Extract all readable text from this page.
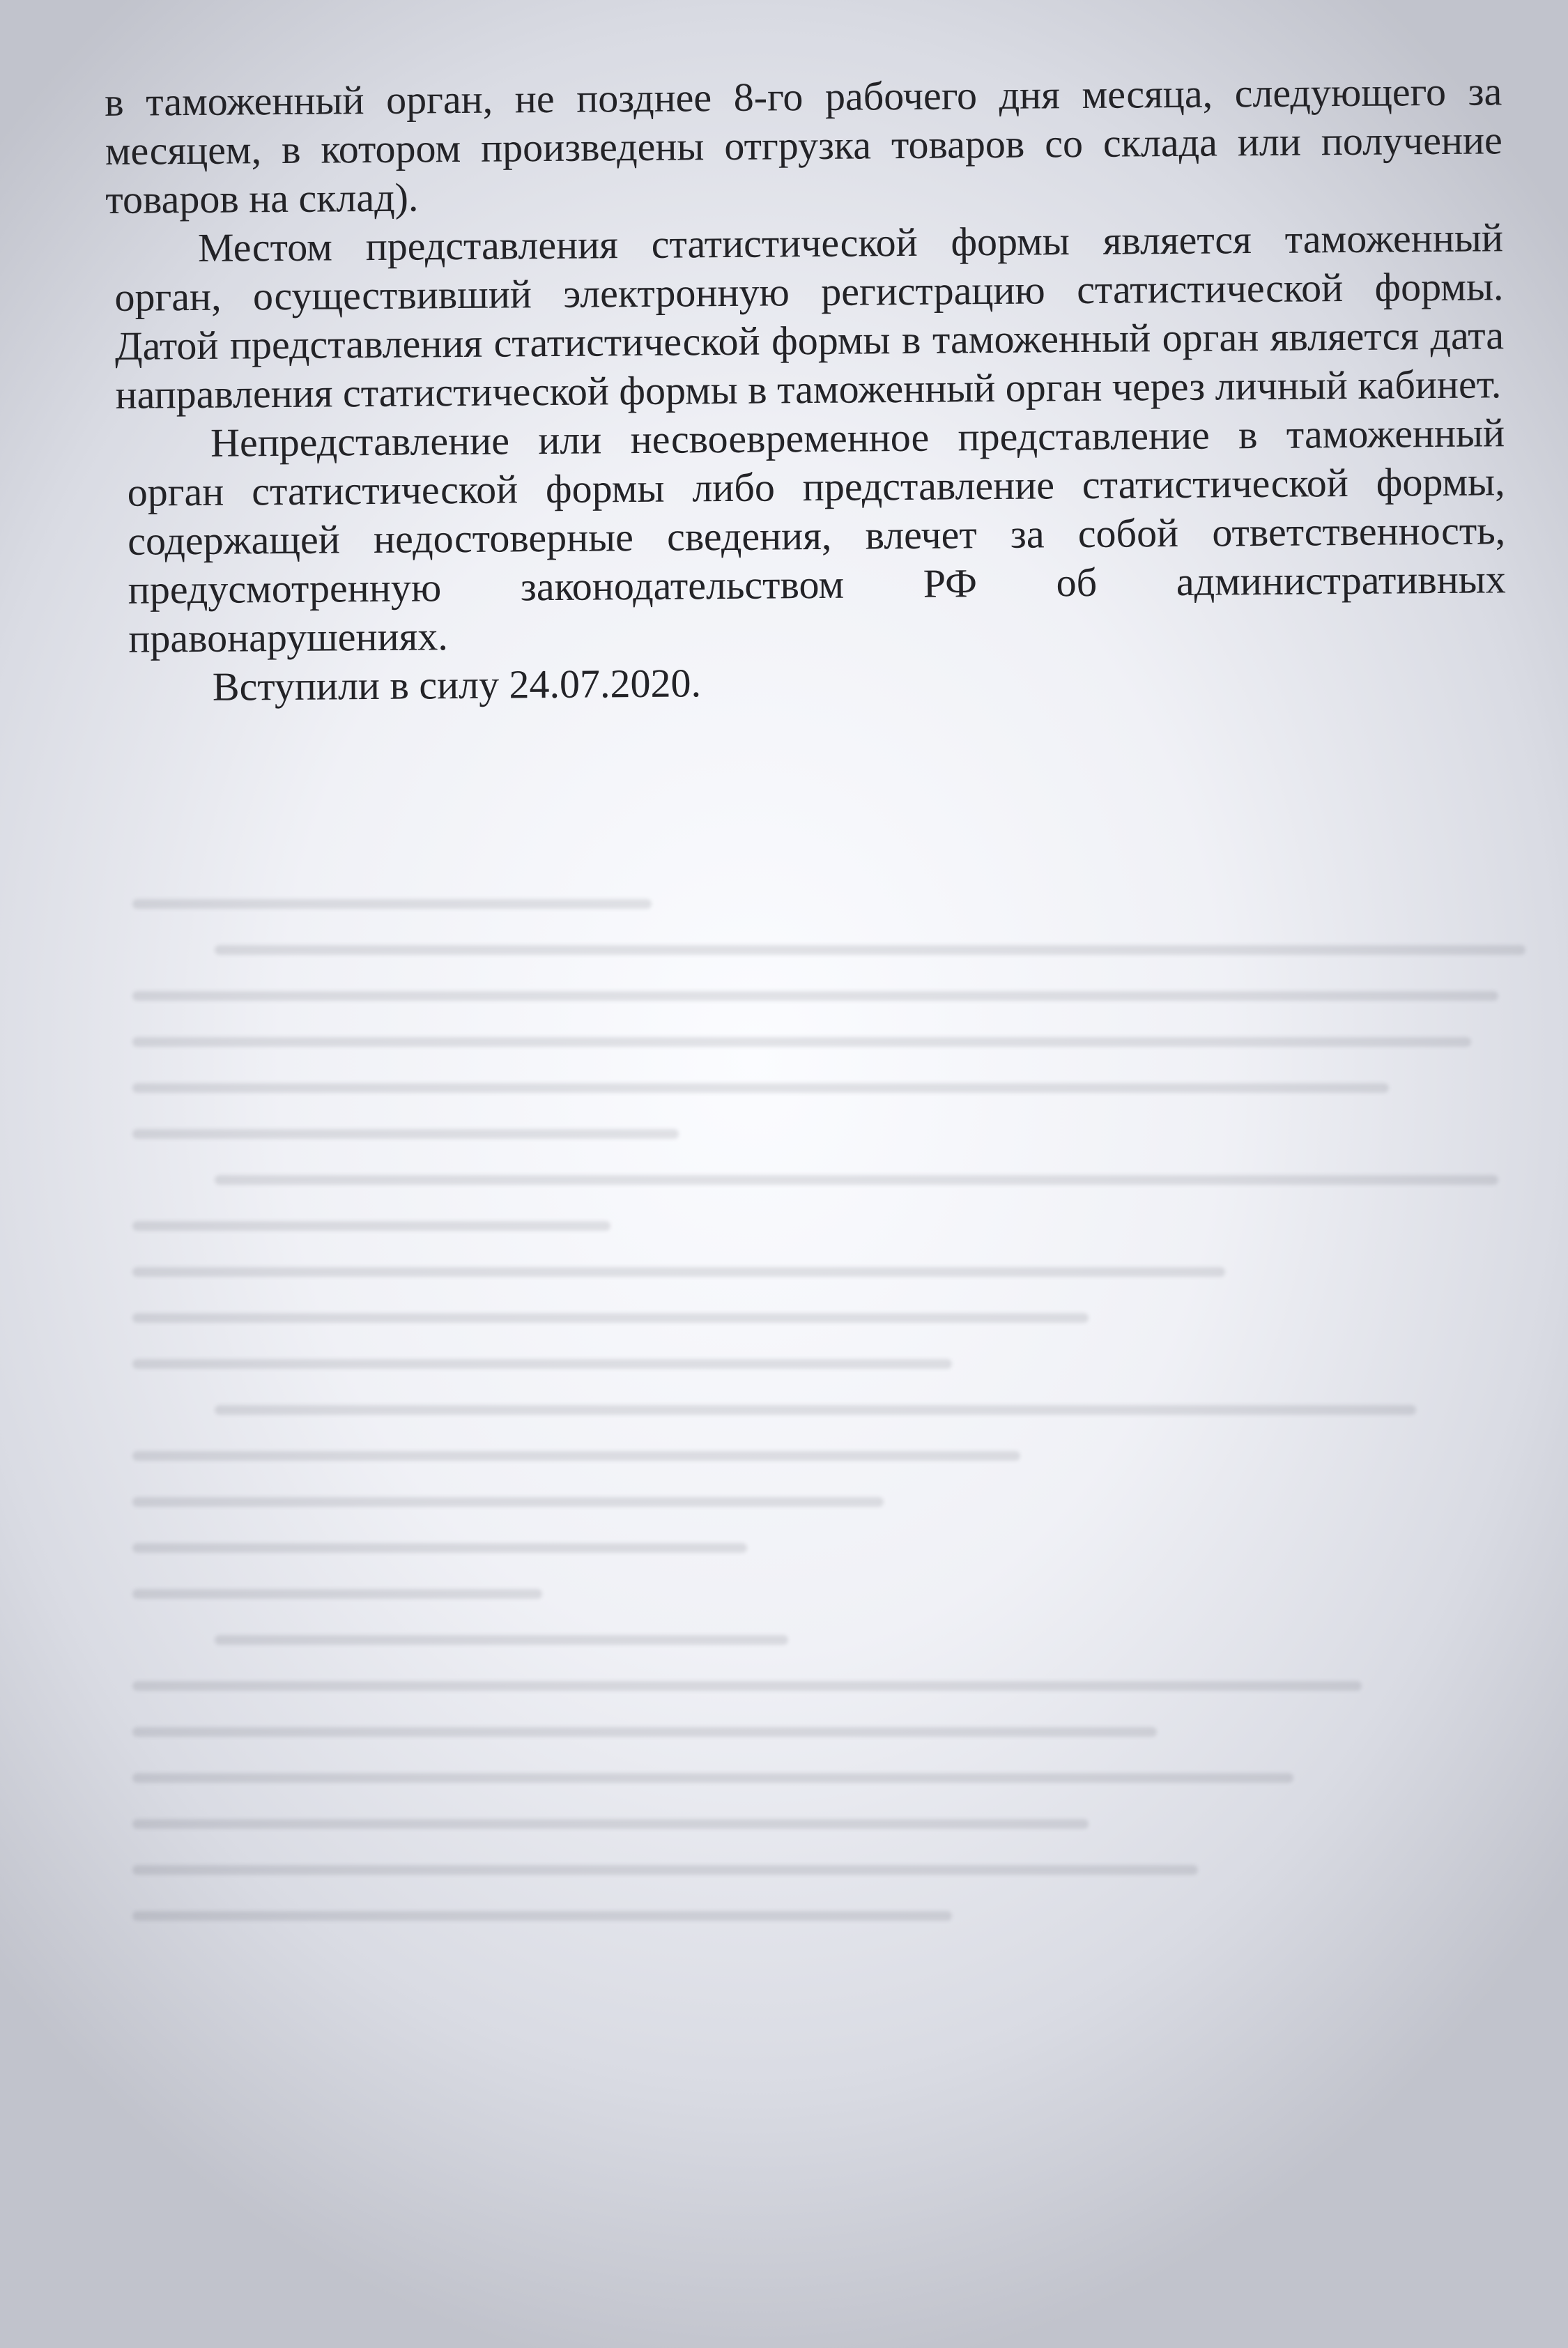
в таможенный орган, не позднее 8-го рабочего дня месяца, следующего за месяцем, в котором произведены отгрузка товаров со склада или получение товаров на склад).

Местом представления статистической формы является таможенный орган, осуществивший электронную регистрацию статистической формы. Датой представления статистической формы в таможенный орган является дата направления статистической формы в таможенный орган через личный кабинет.

Непредставление или несвоевременное представление в таможенный орган статистической формы либо представление статистической формы, содержащей недостоверные сведения, влечет за собой ответственность, предусмотренную законодательством РФ об административных правонарушениях.

Вступили в силу 24.07.2020.
